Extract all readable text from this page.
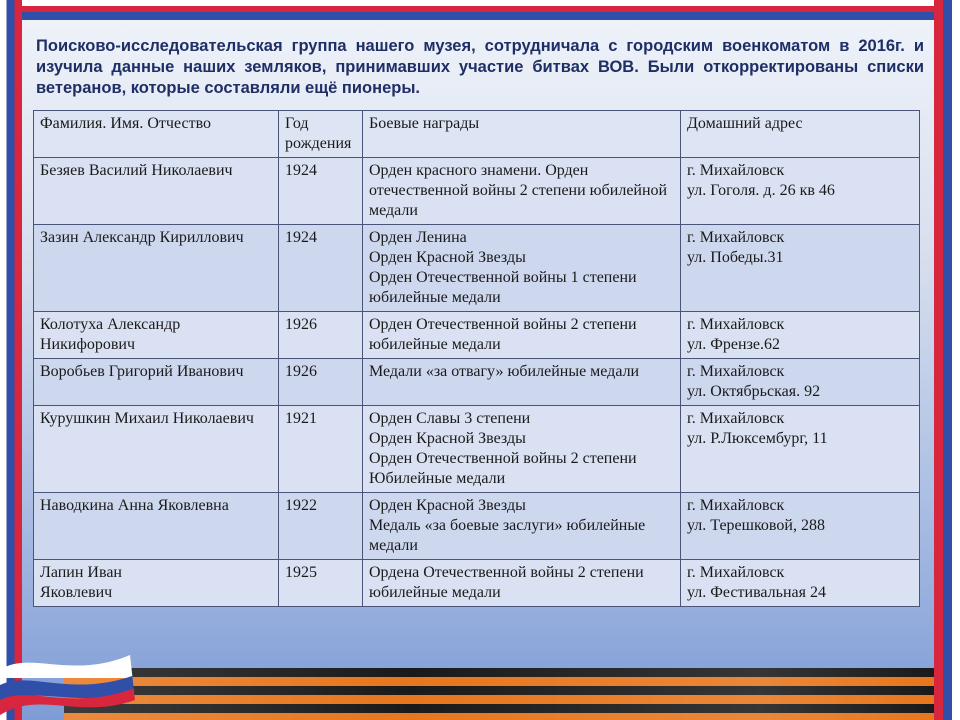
Поисково-исследовательская группа нашего музея, сотрудничала с городским военкоматом в 2016г. и изучила данные наших земляков, принимавших участие битвах ВОВ. Были откорректированы списки ветеранов, которые составляли ещё пионеры.

Фамилия. Имя. Отчество	Год рождения	Боевые награды	Домашний адрес

Безяев Василий Николаевич	1924	Орден красного знамени. Орден отечественной войны 2 степени юбилейной медали	г. Михайловск
ул. Гоголя. д. 26 кв 46

Зазин Александр Кириллович	1924	Орден Ленина
Орден Красной Звезды
Орден Отечественной войны 1 степени юбилейные медали	г. Михайловск
ул. Победы.31

Колотуха Александр Никифорович	1926	Орден Отечественной войны 2 степени юбилейные медали	г. Михайловск
ул. Френзе.62

Воробьев Григорий Иванович	1926	Медали «за отвагу» юбилейные медали	г. Михайловск
ул. Октябрьская. 92

Курушкин Михаил Николаевич	1921	Орден Славы 3 степени
Орден Красной Звезды
Орден Отечественной войны 2 степени Юбилейные медали	г. Михайловск
ул. Р.Люксембург, 11

Наводкина Анна Яковлевна	1922	Орден Красной Звезды
Медаль «за боевые заслуги» юбилейные медали	г. Михайловск
ул. Терешковой, 288

Лапин Иван
Яковлевич	1925	Ордена Отечественной войны 2 степени юбилейные медали	г. Михайловск
ул. Фестивальная 24
